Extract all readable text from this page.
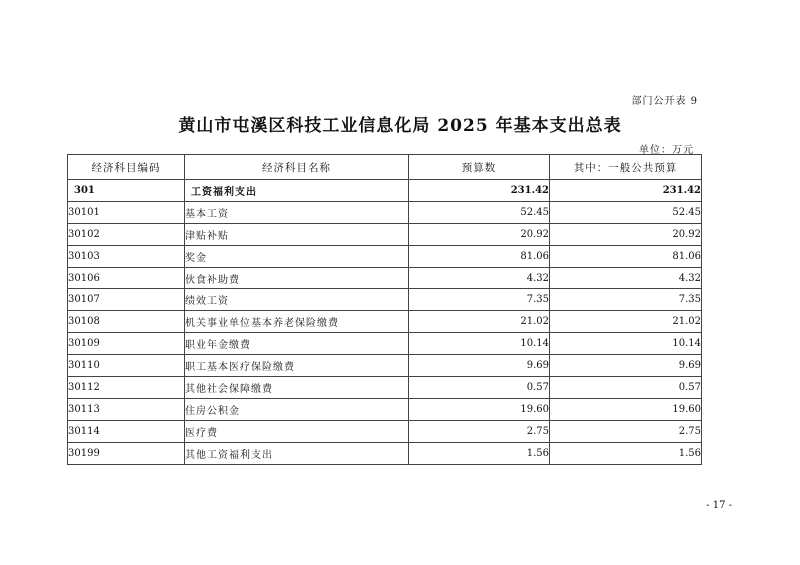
部门公开表 9
黄山市屯溪区科技工业信息化局 2025 年基本支出总表
单位：万元
经济科目编码	经济科目名称	预算数	其中：一般公共预算
301	工资福利支出	231.42	231.42
30101	基本工资	52.45	52.45
30102	津贴补贴	20.92	20.92
30103	奖金	81.06	81.06
30106	伙食补助费	4.32	4.32
30107	绩效工资	7.35	7.35
30108	机关事业单位基本养老保险缴费	21.02	21.02
30109	职业年金缴费	10.14	10.14
30110	职工基本医疗保险缴费	9.69	9.69
30112	其他社会保障缴费	0.57	0.57
30113	住房公积金	19.60	19.60
30114	医疗费	2.75	2.75
30199	其他工资福利支出	1.56	1.56
- 17 -
